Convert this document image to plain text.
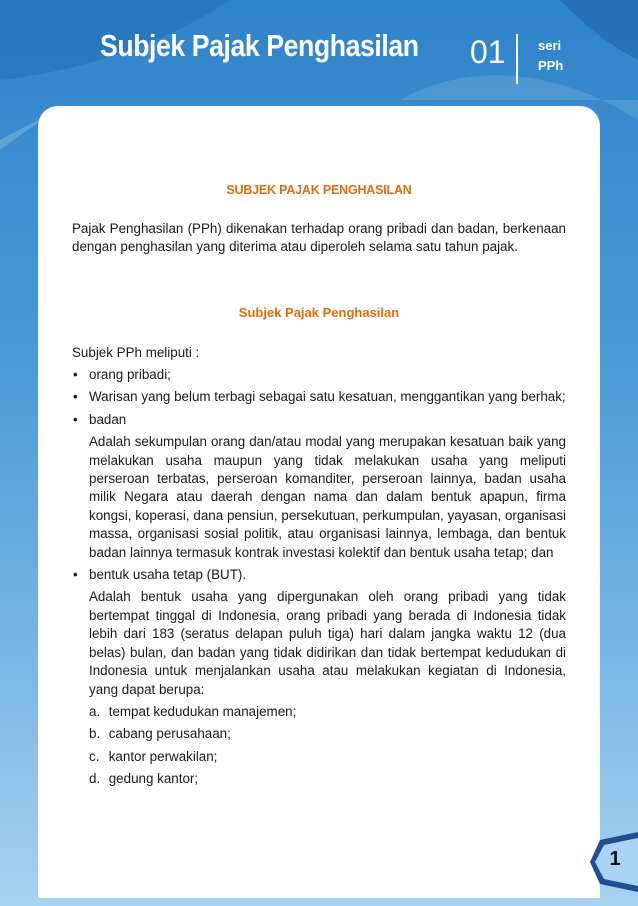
Subjek Pajak Penghasilan 01 seri
PPh
SUBJEK PAJAK PENGHASILAN
Pajak Penghasilan (PPh) dikenakan terhadap orang pribadi dan badan, berkenaan dengan penghasilan yang diterima atau diperoleh selama satu tahun pajak.
Subjek Pajak Penghasilan
Subjek PPh meliputi :
• orang pribadi;
• Warisan yang belum terbagi sebagai satu kesatuan, menggantikan yang berhak;
• badan
Adalah sekumpulan orang dan/atau modal yang merupakan kesatuan baik yang melakukan usaha maupun yang tidak melakukan usaha yang meliputi perseroan terbatas, perseroan komanditer, perseroan lainnya, badan usaha milik Negara atau daerah dengan nama dan dalam bentuk apapun, firma kongsi, koperasi, dana pensiun, persekutuan, perkumpulan, yayasan, organisasi massa, organisasi sosial politik, atau organisasi lainnya, lembaga, dan bentuk badan lainnya termasuk kontrak investasi kolektif dan bentuk usaha tetap; dan
• bentuk usaha tetap (BUT).
Adalah bentuk usaha yang dipergunakan oleh orang pribadi yang tidak bertempat tinggal di Indonesia, orang pribadi yang berada di Indonesia tidak lebih dari 183 (seratus delapan puluh tiga) hari dalam jangka waktu 12 (dua belas) bulan, dan badan yang tidak didirikan dan tidak bertempat kedudukan di Indonesia untuk menjalankan usaha atau melakukan kegiatan di Indonesia, yang dapat berupa:
a. tempat kedudukan manajemen;
b. cabang perusahaan;
c. kantor perwakilan;
d. gedung kantor;
1
